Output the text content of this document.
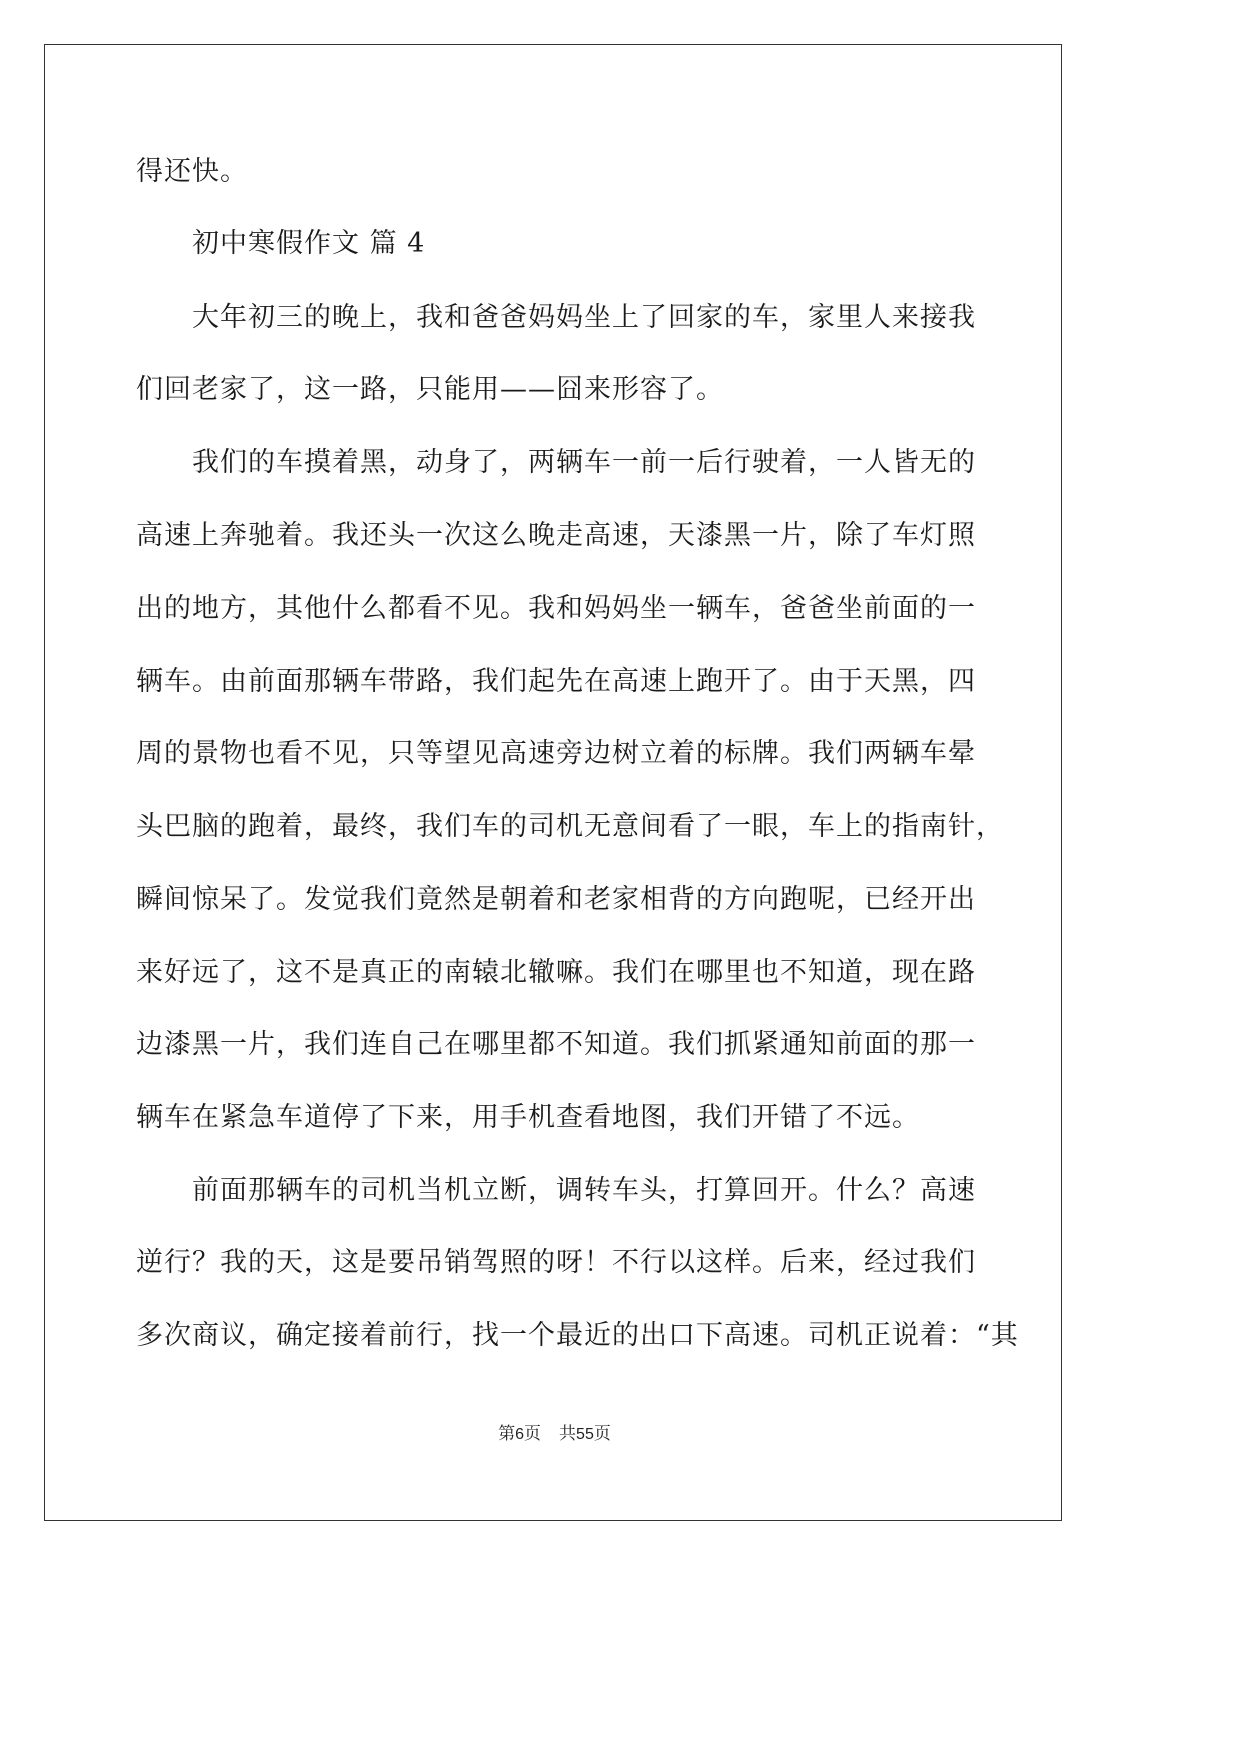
得还快。
初中寒假作文 篇 4
大年初三的晚上，我和爸爸妈妈坐上了回家的车，家里人来接我
们回老家了，这一路，只能用——囧来形容了。
我们的车摸着黑，动身了，两辆车一前一后行驶着，一人皆无的
高速上奔驰着。我还头一次这么晚走高速，天漆黑一片，除了车灯照
出的地方，其他什么都看不见。我和妈妈坐一辆车，爸爸坐前面的一
辆车。由前面那辆车带路，我们起先在高速上跑开了。由于天黑，四
周的景物也看不见，只等望见高速旁边树立着的标牌。我们两辆车晕
头巴脑的跑着，最终，我们车的司机无意间看了一眼，车上的指南针，
瞬间惊呆了。发觉我们竟然是朝着和老家相背的方向跑呢，已经开出
来好远了，这不是真正的南辕北辙嘛。我们在哪里也不知道，现在路
边漆黑一片，我们连自己在哪里都不知道。我们抓紧通知前面的那一
辆车在紧急车道停了下来，用手机查看地图，我们开错了不远。
前面那辆车的司机当机立断，调转车头，打算回开。什么？高速
逆行？我的天，这是要吊销驾照的呀！不行以这样。后来，经过我们
多次商议，确定接着前行，找一个最近的出口下高速。司机正说着：“其
第6页 共55页
